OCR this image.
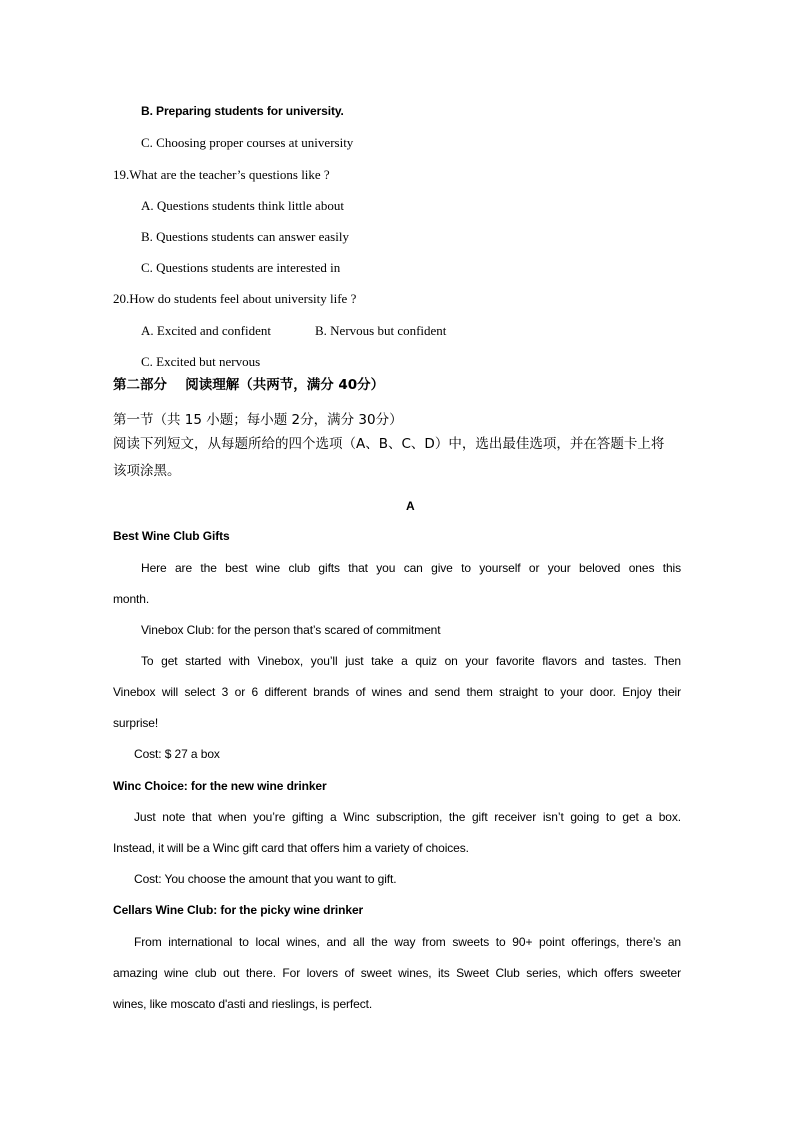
B. Preparing students for university.
C. Choosing proper courses at university
19.What are the teacher’s questions like ?
A. Questions students think little about
B. Questions students can answer easily
C. Questions students are interested in
20.How do students feel about university life ?
A. Excited and confident	B. Nervous but confident
C. Excited but nervous
第二部分　 阅读理解（共两节，满分 40分）
第一节（共 15 小题；每小题 2分，满分 30分）
阅读下列短文，从每题所给的四个选项（A、B、C、D）中，选出最佳选项，并在答题卡上将
该项涂黑。
A
Best Wine Club Gifts
Here are the best wine club gifts that you can give to yourself or your beloved ones this
month.
Vinebox Club: for the person that’s scared of commitment
To get started with Vinebox, you’ll just take a quiz on your favorite flavors and tastes. Then
Vinebox will select 3 or 6 different brands of wines and send them straight to your door. Enjoy their
surprise!
Cost: $ 27 a box
Winc Choice: for the new wine drinker
Just note that when you’re gifting a Winc subscription, the gift receiver isn’t going to get a box.
Instead, it will be a Winc gift card that offers him a variety of choices.
Cost: You choose the amount that you want to gift.
Cellars Wine Club: for the picky wine drinker
From international to local wines, and all the way from sweets to 90+ point offerings, there’s an
amazing wine club out there. For lovers of sweet wines, its Sweet Club series, which offers sweeter
wines, like moscato d'asti and rieslings, is perfect.
